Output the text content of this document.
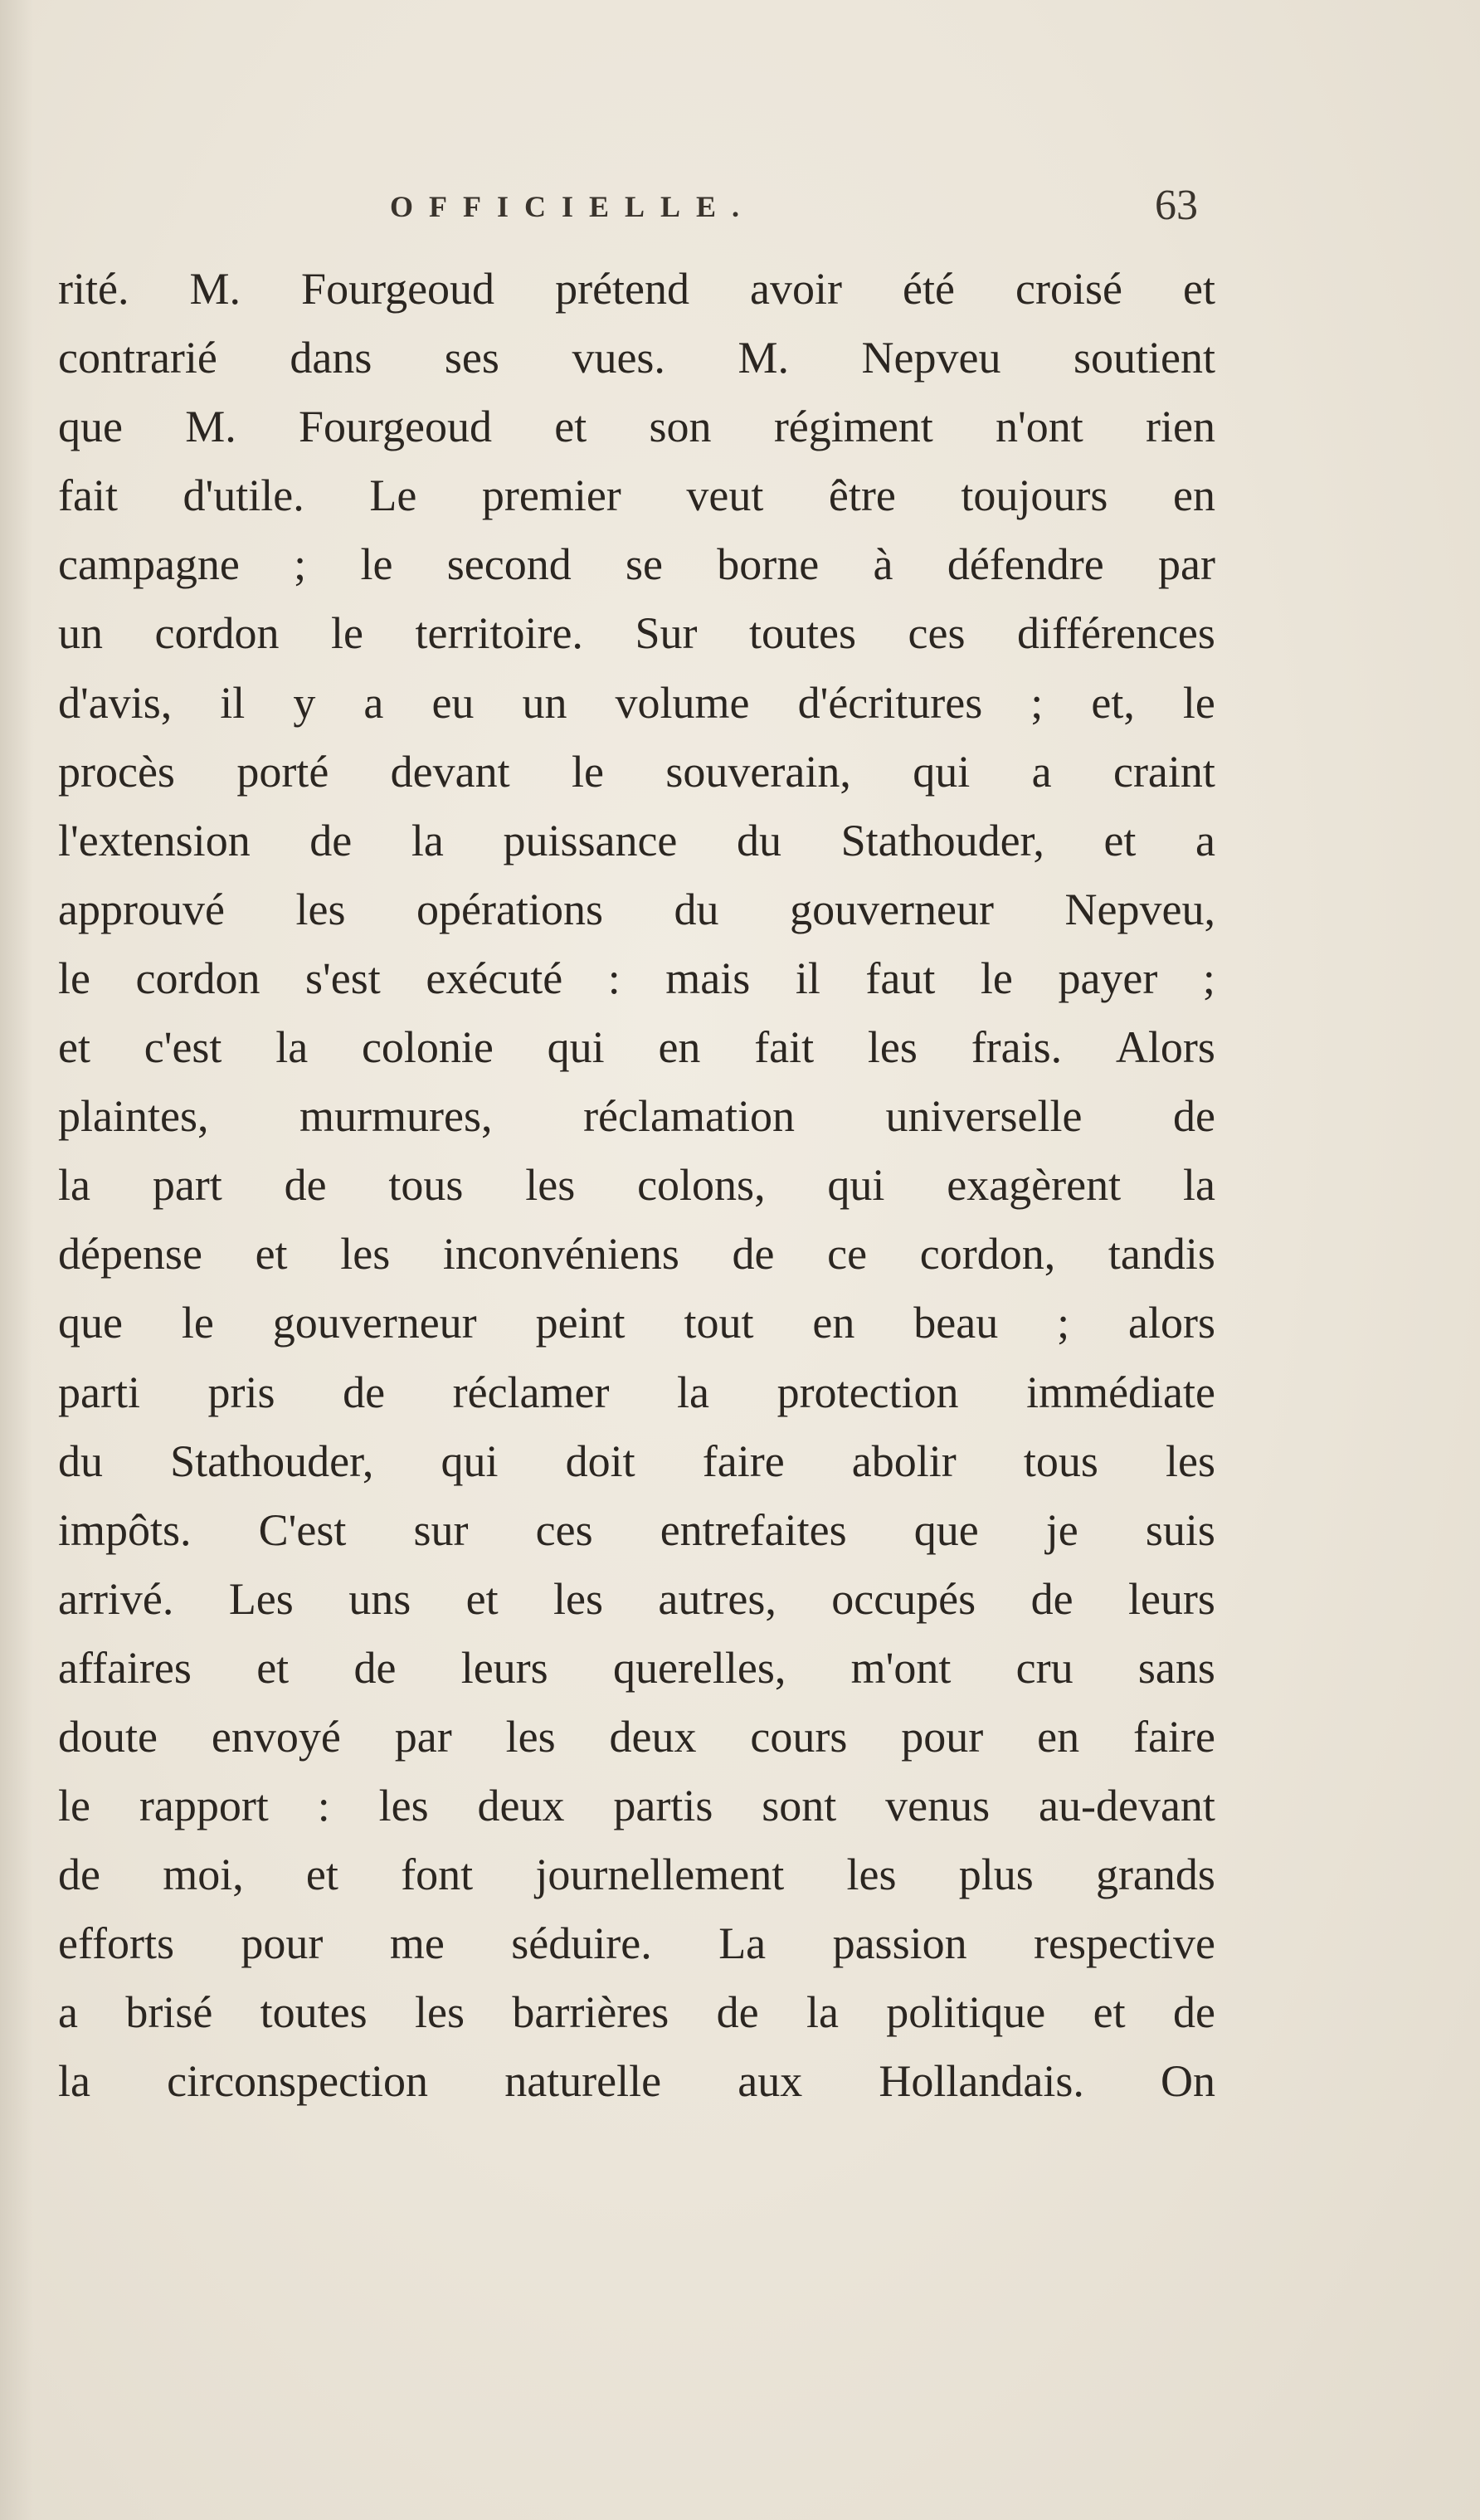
OFFICIELLE.	63
rité. M. Fourgeoud prétend avoir été croisé et
contrarié dans ses vues. M. Nepveu soutient
que M. Fourgeoud et son régiment n'ont rien
fait d'utile. Le premier veut être toujours en
campagne ; le second se borne à défendre par
un cordon le territoire. Sur toutes ces différences
d'avis, il y a eu un volume d'écritures ; et, le
procès porté devant le souverain, qui a craint
l'extension de la puissance du Stathouder, et a
approuvé les opérations du gouverneur Nepveu,
le cordon s'est exécuté : mais il faut le payer ;
et c'est la colonie qui en fait les frais. Alors
plaintes, murmures, réclamation universelle de
la part de tous les colons, qui exagèrent la
dépense et les inconvéniens de ce cordon, tandis
que le gouverneur peint tout en beau ; alors
parti pris de réclamer la protection immédiate
du Stathouder, qui doit faire abolir tous les
impôts. C'est sur ces entrefaites que je suis
arrivé. Les uns et les autres, occupés de leurs
affaires et de leurs querelles, m'ont cru sans
doute envoyé par les deux cours pour en faire
le rapport : les deux partis sont venus au-devant
de moi, et font journellement les plus grands
efforts pour me séduire. La passion respective
a brisé toutes les barrières de la politique et de
la circonspection naturelle aux Hollandais. On
